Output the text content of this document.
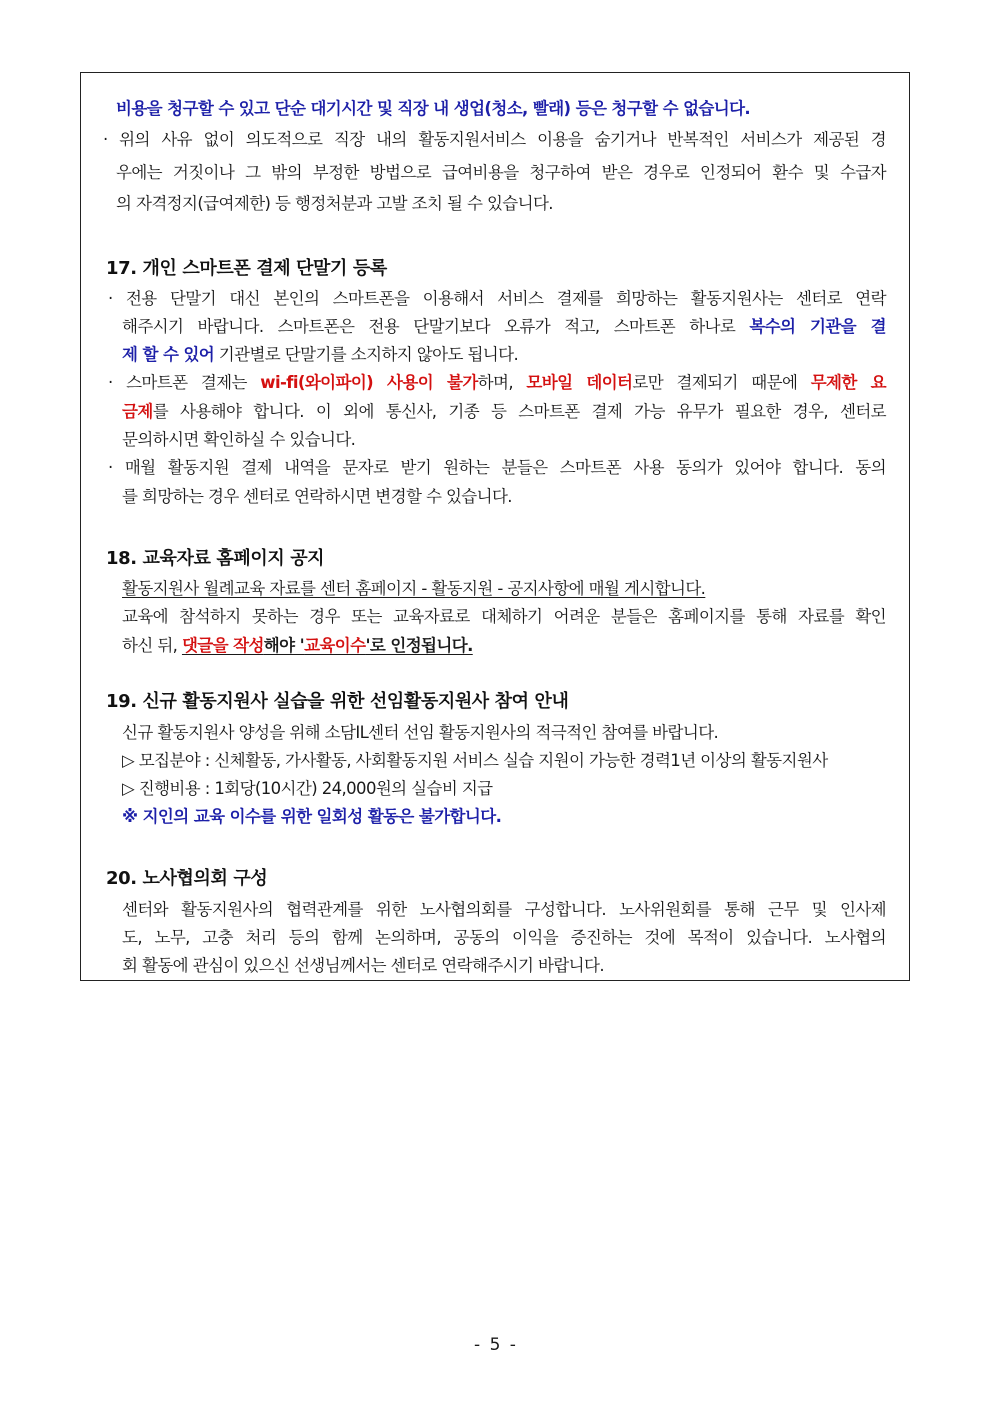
비용을 청구할 수 있고 단순 대기시간 및 직장 내 생업(청소, 빨래) 등은 청구할 수 없습니다.
· 위의 사유 없이 의도적으로 직장 내의 활동지원서비스 이용을 숨기거나 반복적인 서비스가 제공된 경
우에는 거짓이나 그 밖의 부정한 방법으로 급여비용을 청구하여 받은 경우로 인정되어 환수 및 수급자
의 자격정지(급여제한) 등 행정처분과 고발 조치 될 수 있습니다.
17. 개인 스마트폰 결제 단말기 등록
· 전용 단말기 대신 본인의 스마트폰을 이용해서 서비스 결제를 희망하는 활동지원사는 센터로 연락
해주시기 바랍니다. 스마트폰은 전용 단말기보다 오류가 적고, 스마트폰 하나로 복수의 기관을 결
제 할 수 있어 기관별로 단말기를 소지하지 않아도 됩니다.
· 스마트폰 결제는 wi-fi(와이파이) 사용이 불가하며, 모바일 데이터로만 결제되기 때문에 무제한 요
금제를 사용해야 합니다. 이 외에 통신사, 기종 등 스마트폰 결제 가능 유무가 필요한 경우, 센터로
문의하시면 확인하실 수 있습니다.
· 매월 활동지원 결제 내역을 문자로 받기 원하는 분들은 스마트폰 사용 동의가 있어야 합니다. 동의
를 희망하는 경우 센터로 연락하시면 변경할 수 있습니다.
18. 교육자료 홈페이지 공지
활동지원사 월례교육 자료를 센터 홈페이지 - 활동지원 - 공지사항에 매월 게시합니다.
교육에 참석하지 못하는 경우 또는 교육자료로 대체하기 어려운 분들은 홈페이지를 통해 자료를 확인
하신 뒤, 댓글을 작성해야 '교육이수'로 인정됩니다.
19. 신규 활동지원사 실습을 위한 선임활동지원사 참여 안내
신규 활동지원사 양성을 위해 소담IL센터 선임 활동지원사의 적극적인 참여를 바랍니다.
▷ 모집분야 : 신체활동, 가사활동, 사회활동지원 서비스 실습 지원이 가능한 경력1년 이상의 활동지원사
▷ 진행비용 : 1회당(10시간) 24,000원의 실습비 지급
※ 지인의 교육 이수를 위한 일회성 활동은 불가합니다.
20. 노사협의회 구성
센터와 활동지원사의 협력관계를 위한 노사협의회를 구성합니다. 노사위원회를 통해 근무 및 인사제
도, 노무, 고충 처리 등의 함께 논의하며, 공동의 이익을 증진하는 것에 목적이 있습니다. 노사협의
회 활동에 관심이 있으신 선생님께서는 센터로 연락해주시기 바랍니다.
- 5 -
